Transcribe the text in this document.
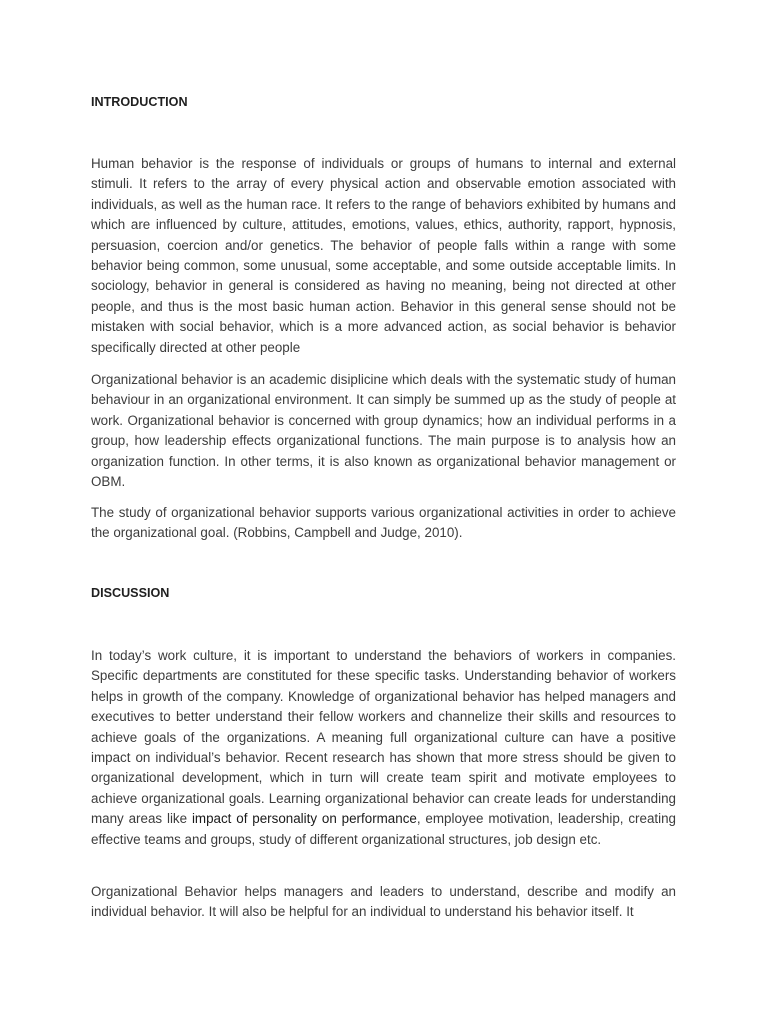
INTRODUCTION

Human behavior is the response of individuals or groups of humans to internal and external stimuli. It refers to the array of every physical action and observable emotion associated with individuals, as well as the human race. It refers to the range of behaviors exhibited by humans and which are influenced by culture, attitudes, emotions, values, ethics, authority, rapport, hypnosis, persuasion, coercion and/or genetics. The behavior of people falls within a range with some behavior being common, some unusual, some acceptable, and some outside acceptable limits. In sociology, behavior in general is considered as having no meaning, being not directed at other people, and thus is the most basic human action. Behavior in this general sense should not be mistaken with social behavior, which is a more advanced action, as social behavior is behavior specifically directed at other people

Organizational behavior is an academic disiplicine which deals with the systematic study of human behaviour in an organizational environment. It can simply be summed up as the study of people at work. Organizational behavior is concerned with group dynamics; how an individual performs in a group, how leadership effects organizational functions. The main purpose is to analysis how an organization function. In other terms, it is also known as organizational behavior management or OBM.

The study of organizational behavior supports various organizational activities in order to achieve the organizational goal. (Robbins, Campbell and Judge, 2010).

DISCUSSION

In today’s work culture, it is important to understand the behaviors of workers in companies. Specific departments are constituted for these specific tasks. Understanding behavior of workers helps in growth of the company. Knowledge of organizational behavior has helped managers and executives to better understand their fellow workers and channelize their skills and resources to achieve goals of the organizations. A meaning full organizational culture can have a positive impact on individual’s behavior. Recent research has shown that more stress should be given to organizational development, which in turn will create team spirit and motivate employees to achieve organizational goals. Learning organizational behavior can create leads for understanding many areas like impact of personality on performance, employee motivation, leadership, creating effective teams and groups, study of different organizational structures, job design etc.

Organizational Behavior helps managers and leaders to understand, describe and modify an individual behavior. It will also be helpful for an individual to understand his behavior itself. It
